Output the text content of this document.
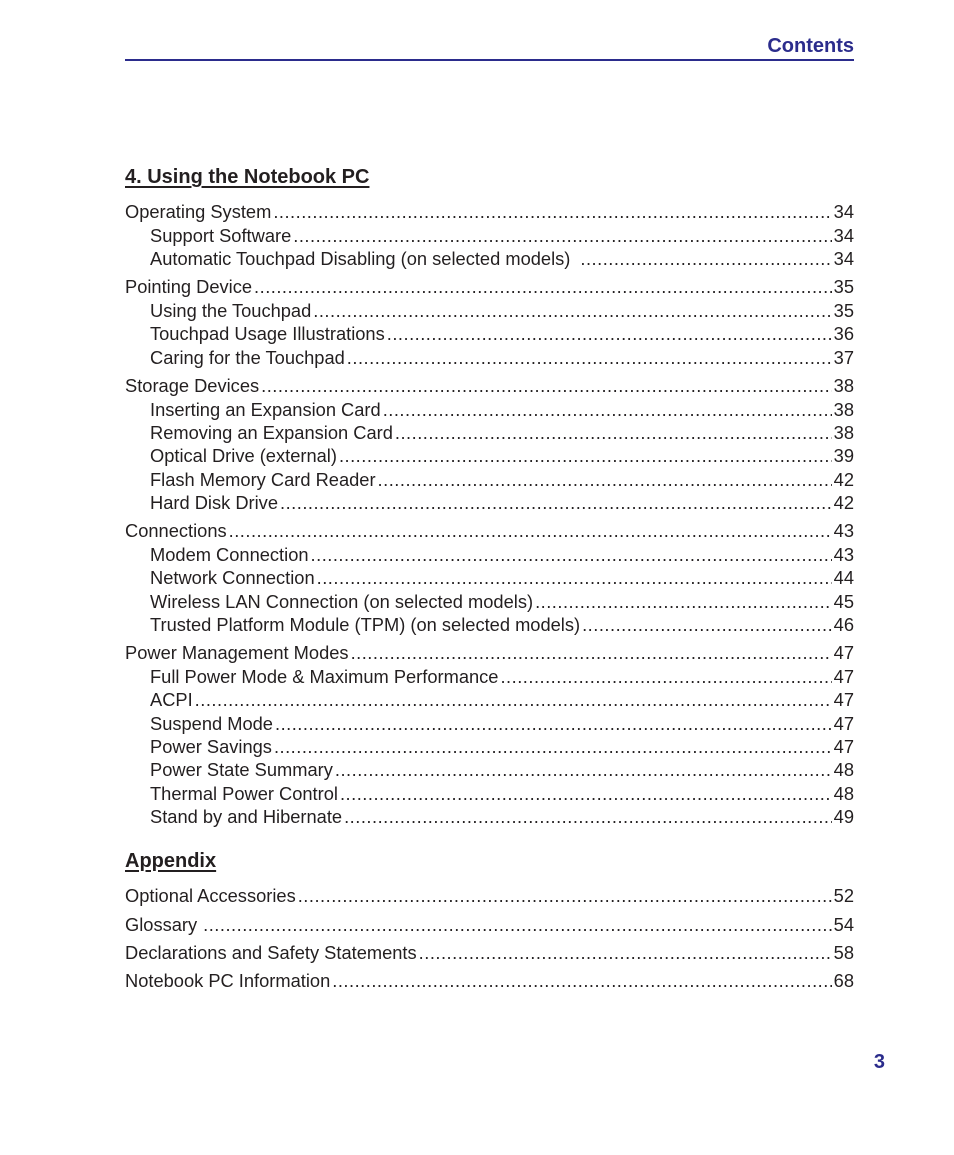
Contents
4. Using the Notebook PC
Operating System .....	34
Support Software .....	34
Automatic Touchpad Disabling (on selected models) .....	34
Pointing Device .....	35
Using the Touchpad .....	35
Touchpad Usage Illustrations .....	36
Caring for the Touchpad .....	37
Storage Devices .....	38
Inserting an Expansion Card .....	38
Removing an Expansion Card .....	38
Optical Drive (external) .....	39
Flash Memory Card Reader .....	42
Hard Disk Drive .....	42
Connections .....	43
Modem Connection .....	43
Network Connection .....	44
Wireless LAN Connection (on selected models) .....	45
Trusted Platform Module (TPM) (on selected models) .....	46
Power Management Modes .....	47
Full Power Mode & Maximum Performance .....	47
ACPI .....	47
Suspend Mode .....	47
Power Savings .....	47
Power State Summary .....	48
Thermal Power Control .....	48
Stand by and Hibernate .....	49
Appendix
Optional Accessories .....	52
Glossary .....	54
Declarations and Safety Statements .....	58
Notebook PC Information .....	68
3
